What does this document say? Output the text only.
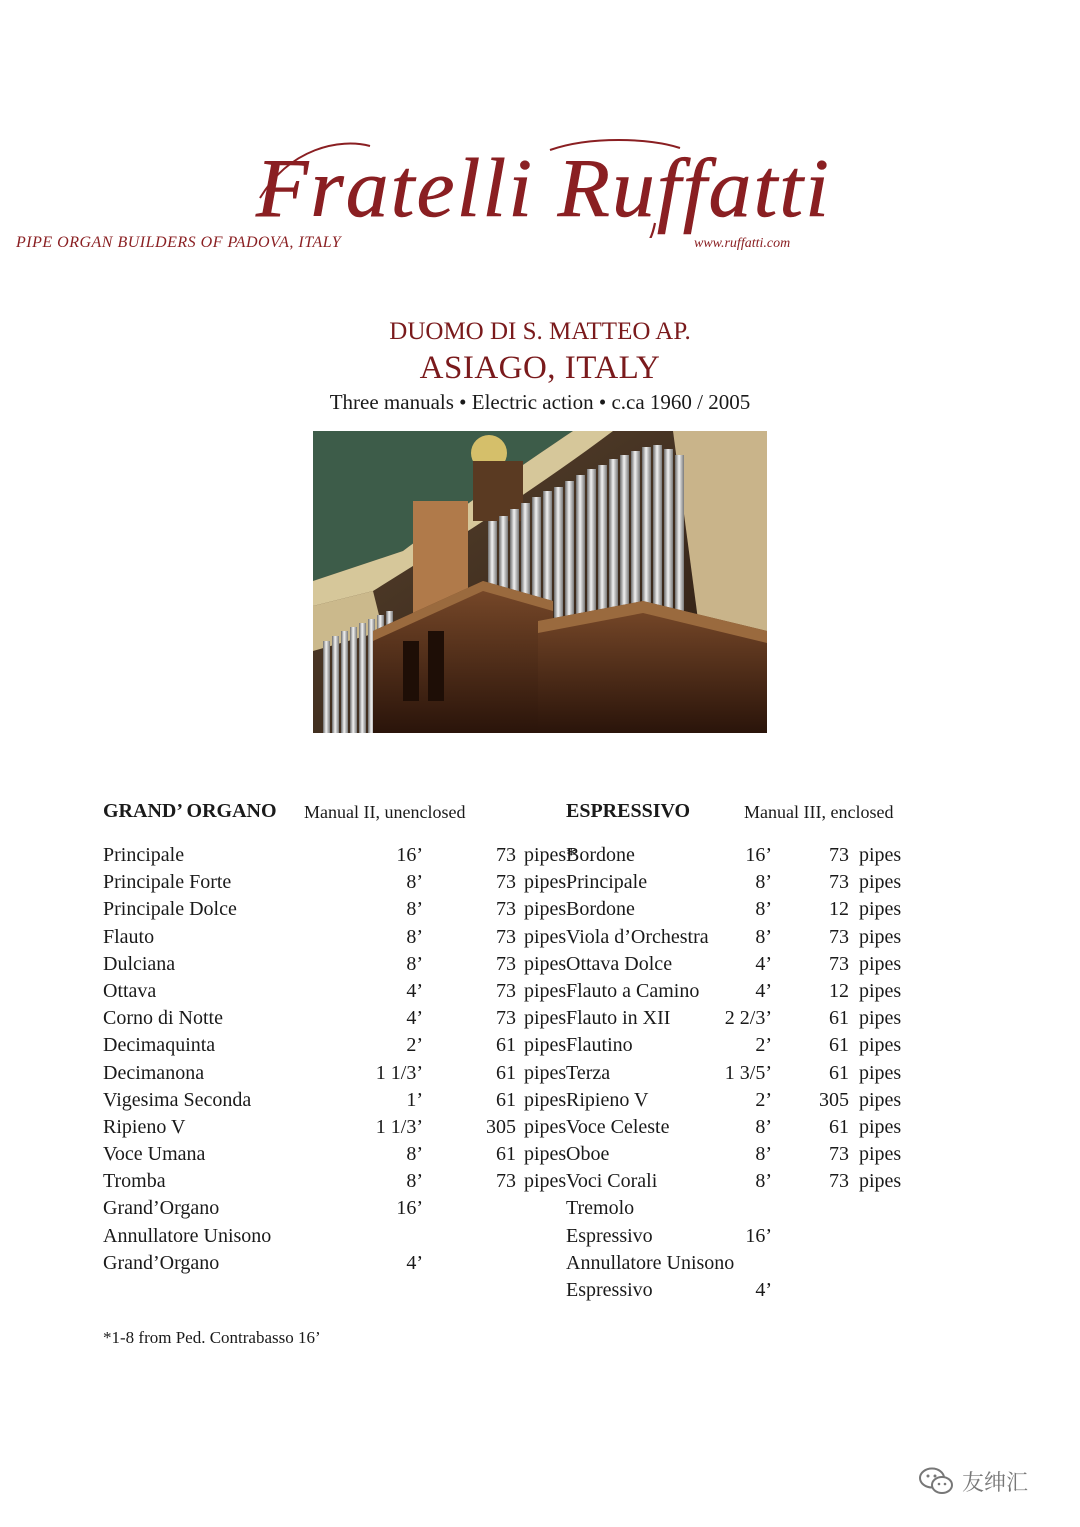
Fratelli Ruffatti
PIPE ORGAN BUILDERS OF PADOVA, ITALY	www.ruffatti.com
DUOMO DI S. MATTEO AP.
ASIAGO, ITALY
Three manuals • Electric action • c.ca 1960 / 2005
GRAND’ ORGANO Manual II, unenclosed
Principale	16’	73 pipes*
Principale Forte	8’	73 pipes
Principale Dolce	8’	73 pipes
Flauto	8’	73 pipes
Dulciana	8’	73 pipes
Ottava	4’	73 pipes
Corno di Notte	4’	73 pipes
Decimaquinta	2’	61 pipes
Decimanona	1 1/3’	61 pipes
Vigesima Seconda	1’	61 pipes
Ripieno V	1 1/3’	305 pipes
Voce Umana	8’	61 pipes
Tromba	8’	73 pipes
Grand’Organo	16’
Annullatore Unisono
Grand’Organo	4’
ESPRESSIVO	Manual III, enclosed
Bordone	16’	73 pipes
Principale	8’	73 pipes
Bordone	8’	12 pipes
Viola d’Orchestra	8’	73 pipes
Ottava Dolce	4’	73 pipes
Flauto a Camino	4’	12 pipes
Flauto in XII	2 2/3’	61 pipes
Flautino	2’	61 pipes
Terza	1 3/5’	61 pipes
Ripieno V	2’	305 pipes
Voce Celeste	8’	61 pipes
Oboe	8’	73 pipes
Voci Corali	8’	73 pipes
Tremolo
Espressivo	16’
Annullatore Unisono
Espressivo	4’
*1-8 from Ped. Contrabasso 16’
友绅汇
